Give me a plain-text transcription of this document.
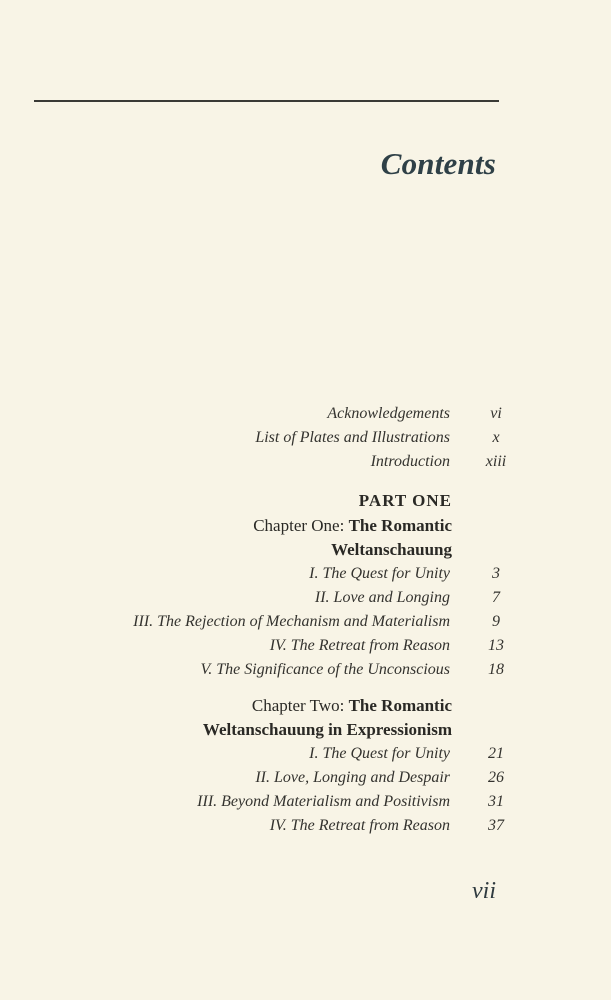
Contents
Acknowledgements	vi
List of Plates and Illustrations	x
Introduction	xiii
PART ONE
Chapter One: The Romantic
Weltanschauung
I. The Quest for Unity	3
II. Love and Longing	7
III. The Rejection of Mechanism and Materialism	9
IV. The Retreat from Reason	13
V. The Significance of the Unconscious	18
Chapter Two: The Romantic
Weltanschauung in Expressionism
I. The Quest for Unity	21
II. Love, Longing and Despair	26
III. Beyond Materialism and Positivism	31
IV. The Retreat from Reason	37
vii
